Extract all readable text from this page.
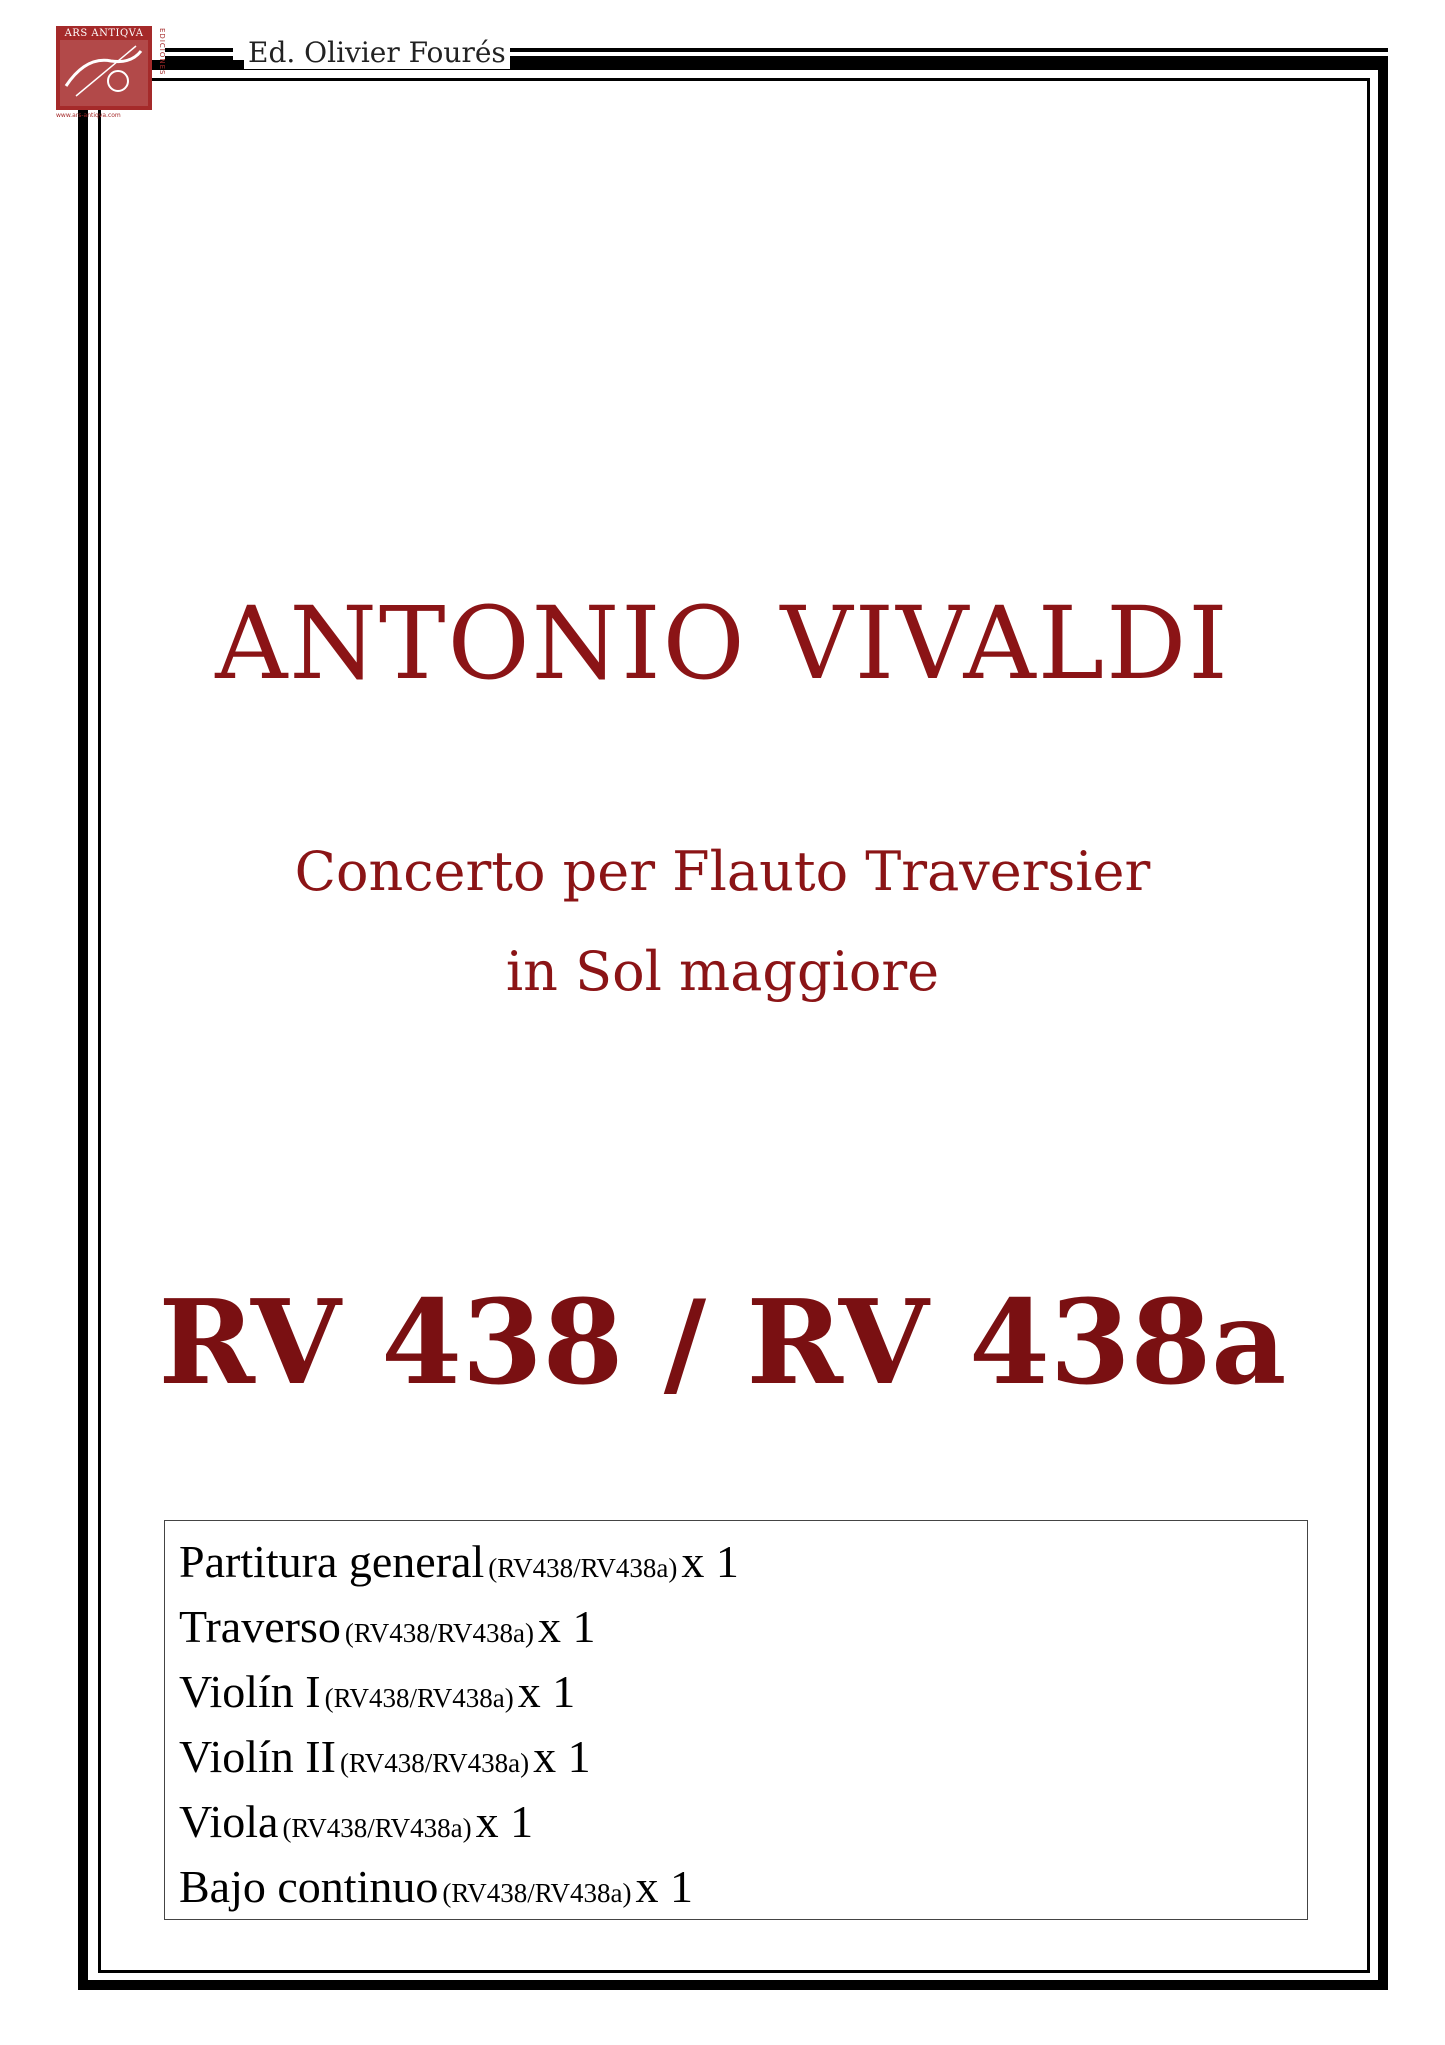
ARS ANTIQVA	EDICIONES
www.ars-antiqva.com
Ed. Olivier Fourés
ANTONIO VIVALDI
Concerto per Flauto Traversier
in Sol maggiore
RV 438 / RV 438a
Partitura general (RV438/RV438a) x 1
Traverso (RV438/RV438a) x 1
Violín I (RV438/RV438a) x 1
Violín II (RV438/RV438a) x 1
Viola (RV438/RV438a) x 1
Bajo continuo (RV438/RV438a) x 1
